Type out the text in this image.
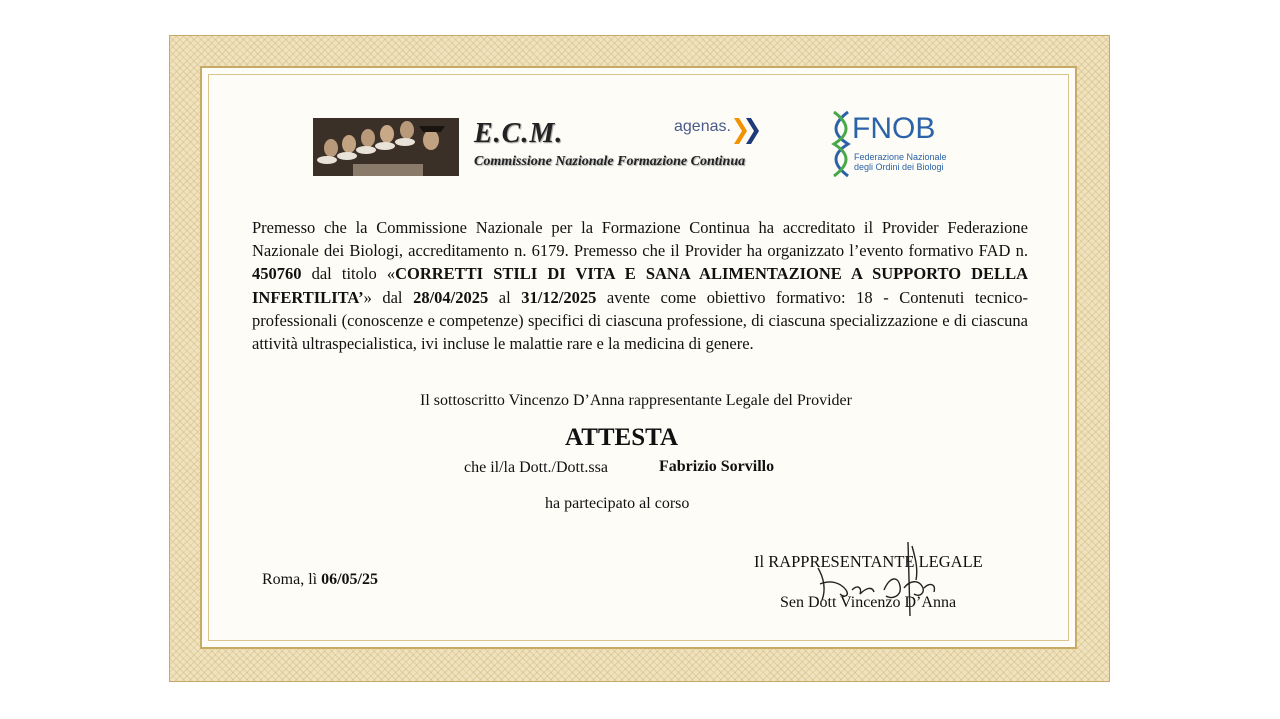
E.C.M.
Commissione Nazionale Formazione Continua
agenas.	FNOB
Federazione Nazionale
degli Ordini dei Biologi
Premesso che la Commissione Nazionale per la Formazione Continua ha accreditato il Provider Federazione Nazionale dei Biologi, accreditamento n. 6179. Premesso che il Provider ha organizzato l’evento formativo FAD n. 450760 dal titolo «CORRETTI STILI DI VITA E SANA ALIMENTAZIONE A SUPPORTO DELLA INFERTILITA’» dal 28/04/2025 al 31/12/2025 avente come obiettivo formativo: 18 - Contenuti tecnico-professionali (conoscenze e competenze) specifici di ciascuna professione, di ciascuna specializzazione e di ciascuna attività ultraspecialistica, ivi incluse le malattie rare e la medicina di genere.
Il sottoscritto Vincenzo D’Anna rappresentante Legale del Provider
ATTESTA
che il/la Dott./Dott.ssa	Fabrizio Sorvillo
ha partecipato al corso
Roma, lì 06/05/25
Il RAPPRESENTANTE LEGALE
Sen Dott Vincenzo D’Anna
